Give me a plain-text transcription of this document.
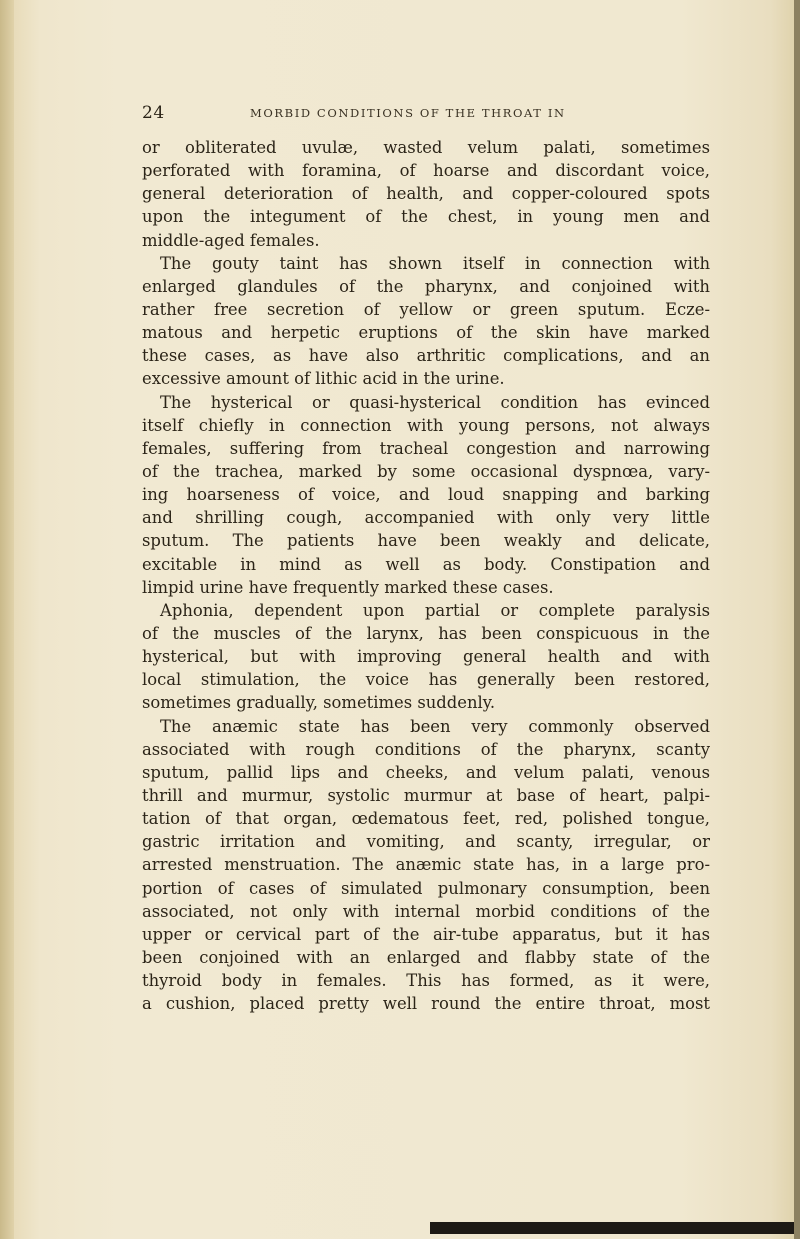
24	MORBID CONDITIONS OF THE THROAT IN
or obliterated uvulæ, wasted velum palati, sometimes
perforated with foramina, of hoarse and discordant voice,
general deterioration of health, and copper-coloured spots
upon the integument of the chest, in young men and
middle-aged females.
The gouty taint has shown itself in connection with
enlarged glandules of the pharynx, and conjoined with
rather free secretion of yellow or green sputum. Ecze-
matous and herpetic eruptions of the skin have marked
these cases, as have also arthritic complications, and an
excessive amount of lithic acid in the urine.
The hysterical or quasi-hysterical condition has evinced
itself chiefly in connection with young persons, not always
females, suffering from tracheal congestion and narrowing
of the trachea, marked by some occasional dyspnœa, vary-
ing hoarseness of voice, and loud snapping and barking
and shrilling cough, accompanied with only very little
sputum. The patients have been weakly and delicate,
excitable in mind as well as body. Constipation and
limpid urine have frequently marked these cases.
Aphonia, dependent upon partial or complete paralysis
of the muscles of the larynx, has been conspicuous in the
hysterical, but with improving general health and with
local stimulation, the voice has generally been restored,
sometimes gradually, sometimes suddenly.
The anæmic state has been very commonly observed
associated with rough conditions of the pharynx, scanty
sputum, pallid lips and cheeks, and velum palati, venous
thrill and murmur, systolic murmur at base of heart, palpi-
tation of that organ, œdematous feet, red, polished tongue,
gastric irritation and vomiting, and scanty, irregular, or
arrested menstruation. The anæmic state has, in a large pro-
portion of cases of simulated pulmonary consumption, been
associated, not only with internal morbid conditions of the
upper or cervical part of the air-tube apparatus, but it has
been conjoined with an enlarged and flabby state of the
thyroid body in females. This has formed, as it were,
a cushion, placed pretty well round the entire throat, most
